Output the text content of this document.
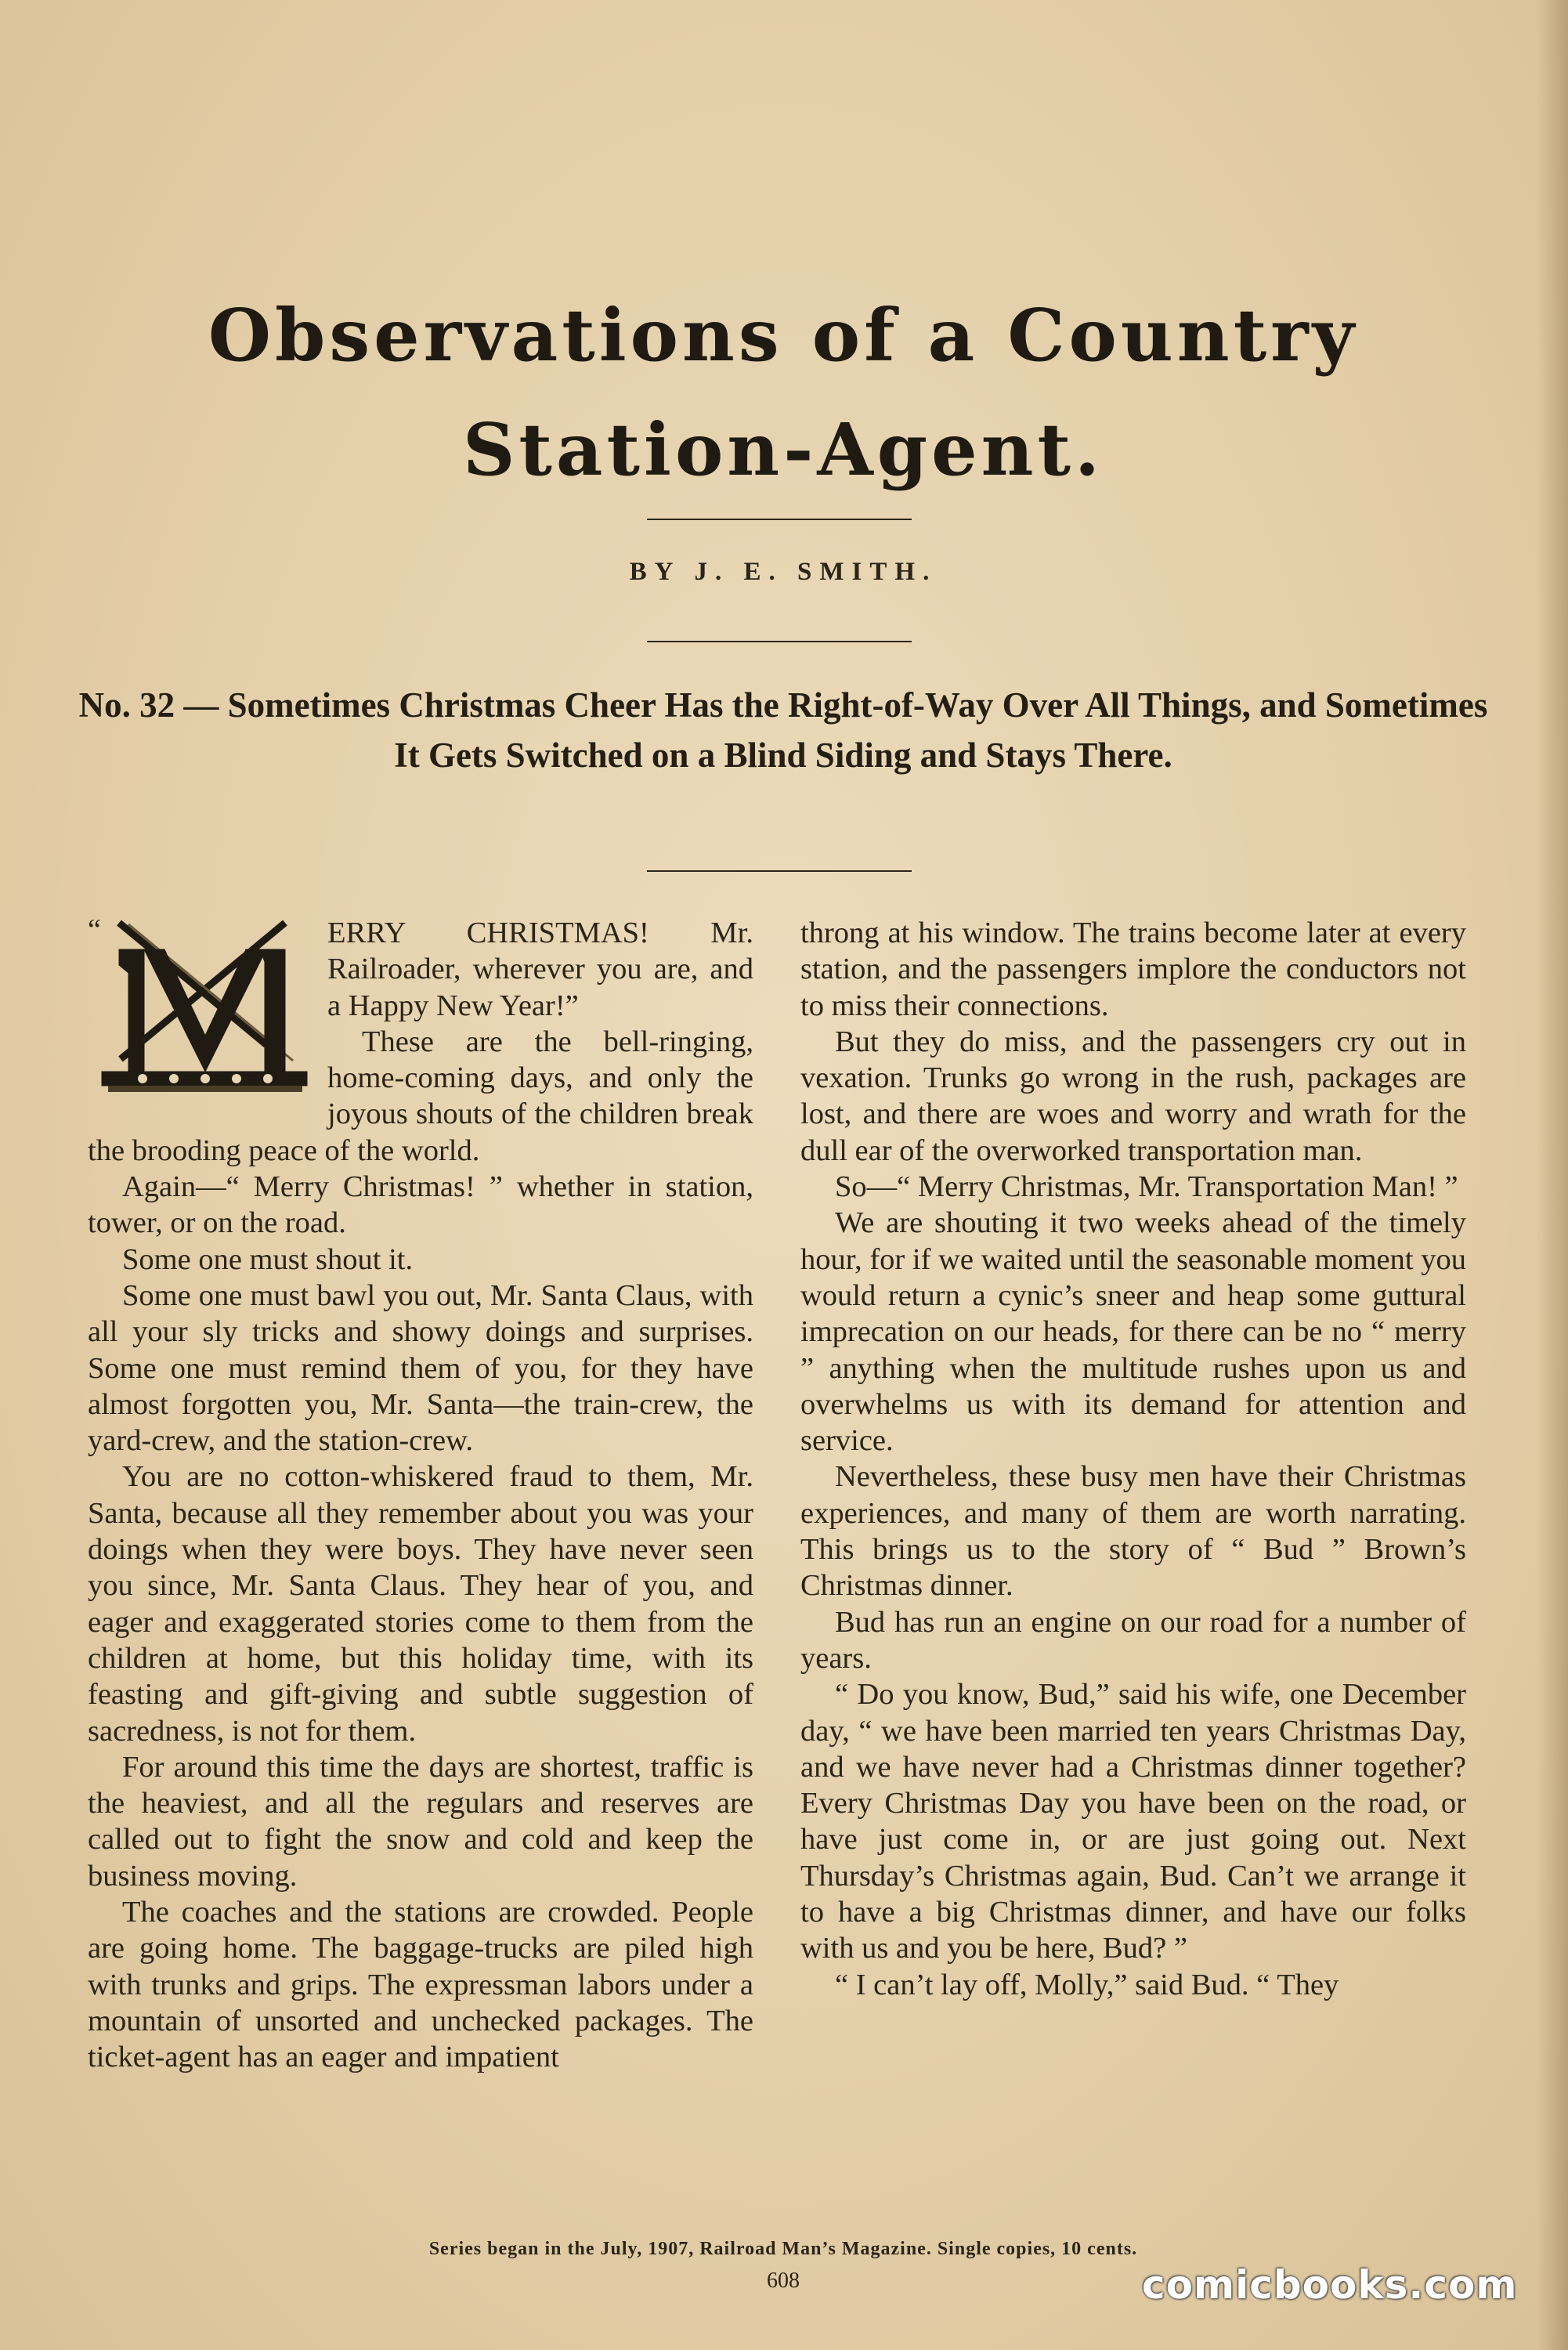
Observations of a Country Station-Agent.

BY J. E. SMITH.

No. 32 — Sometimes Christmas Cheer Has the Right-of-Way Over All Things, and Sometimes It Gets Switched on a Blind Siding and Stays There.

“	ERRY CHRISTMAS! Mr. Railroader, wherever you are, and a Happy New Year!”

These are the bell-ringing, home-coming days, and only the joyous shouts of the children break the brooding peace of the world.

Again—“ Merry Christmas! ” whether in station, tower, or on the road.

Some one must shout it.

Some one must bawl you out, Mr. Santa Claus, with all your sly tricks and showy doings and surprises. Some one must remind them of you, for they have almost forgotten you, Mr. Santa—the train-crew, the yard-crew, and the station-crew.

You are no cotton-whiskered fraud to them, Mr. Santa, because all they remember about you was your doings when they were boys. They have never seen you since, Mr. Santa Claus. They hear of you, and eager and exaggerated stories come to them from the children at home, but this holiday time, with its feasting and gift-giving and subtle suggestion of sacredness, is not for them.

For around this time the days are shortest, traffic is the heaviest, and all the regulars and reserves are called out to fight the snow and cold and keep the business moving.

The coaches and the stations are crowded. People are going home. The baggage-trucks are piled high with trunks and grips. The expressman labors under a mountain of unsorted and unchecked packages. The ticket-agent has an eager and impatient

throng at his window. The trains become later at every station, and the passengers implore the conductors not to miss their connections.

But they do miss, and the passengers cry out in vexation. Trunks go wrong in the rush, packages are lost, and there are woes and worry and wrath for the dull ear of the overworked transportation man.

So—“ Merry Christmas, Mr. Transportation Man! ”

We are shouting it two weeks ahead of the timely hour, for if we waited until the seasonable moment you would return a cynic’s sneer and heap some guttural imprecation on our heads, for there can be no “ merry ” anything when the multitude rushes upon us and overwhelms us with its demand for attention and service.

Nevertheless, these busy men have their Christmas experiences, and many of them are worth narrating. This brings us to the story of “ Bud ” Brown’s Christmas dinner.

Bud has run an engine on our road for a number of years.

“ Do you know, Bud,” said his wife, one December day, “ we have been married ten years Christmas Day, and we have never had a Christmas dinner together? Every Christmas Day you have been on the road, or have just come in, or are just going out. Next Thursday’s Christmas again, Bud. Can’t we arrange it to have a big Christmas dinner, and have our folks with us and you be here, Bud? ”

“ I can’t lay off, Molly,” said Bud. “ They

Series began in the July, 1907, Railroad Man’s Magazine. Single copies, 10 cents.

608	comicbooks.com
